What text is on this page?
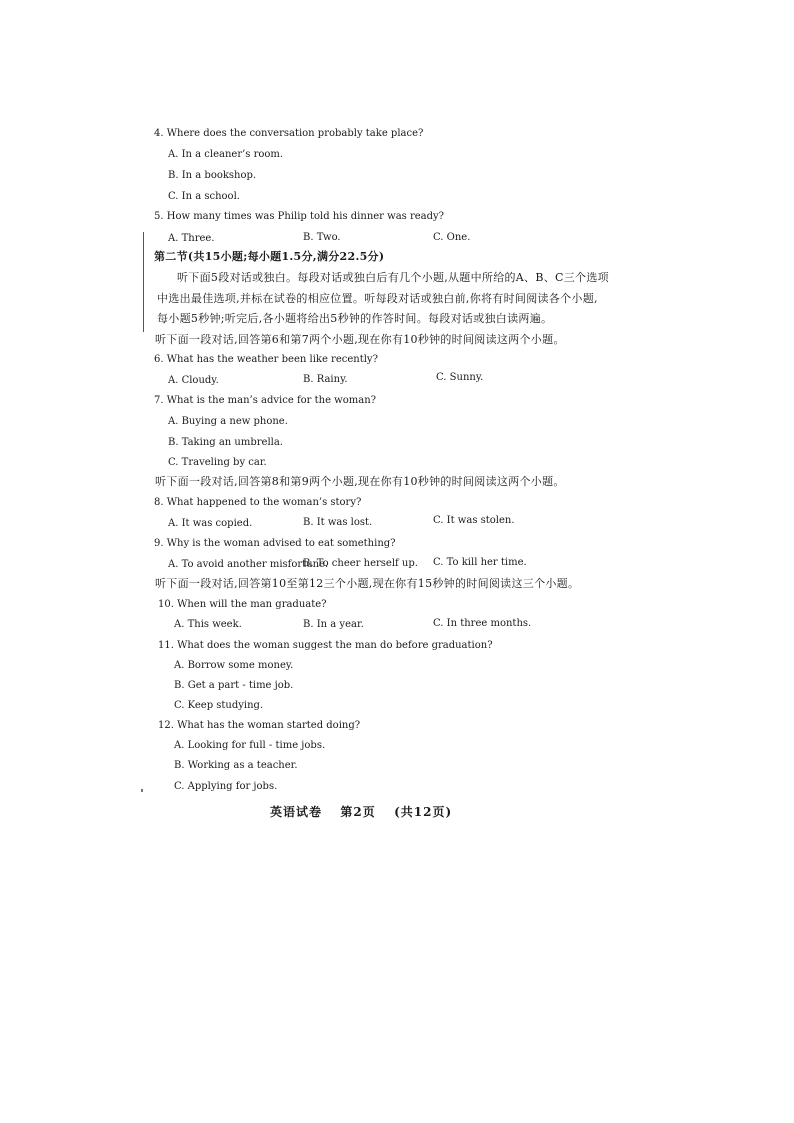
4. Where does the conversation probably take place?
A. In a cleaner’s room.
B. In a bookshop.
C. In a school.
5. How many times was Philip told his dinner was ready?
A. Three.	B. Two.	C. One.
第二节(共15小题;每小题1.5分,满分22.5分)
听下面5段对话或独白。每段对话或独白后有几个小题,从题中所给的A、B、C三个选项
中选出最佳选项,并标在试卷的相应位置。听每段对话或独白前,你将有时间阅读各个小题,
每小题5秒钟;听完后,各小题将给出5秒钟的作答时间。每段对话或独白读两遍。
听下面一段对话,回答第6和第7两个小题,现在你有10秒钟的时间阅读这两个小题。
6. What has the weather been like recently?
A. Cloudy.	B. Rainy.	C. Sunny.
7. What is the man’s advice for the woman?
A. Buying a new phone.
B. Taking an umbrella.
C. Traveling by car.
听下面一段对话,回答第8和第9两个小题,现在你有10秒钟的时间阅读这两个小题。
8. What happened to the woman’s story?
A. It was copied.	B. It was lost.	C. It was stolen.
9. Why is the woman advised to eat something?
A. To avoid another misfortune.
B. To cheer herself up. C. To kill her time.
听下面一段对话,回答第10至第12三个小题,现在你有15秒钟的时间阅读这三个小题。
10. When will the man graduate?
A. This week.	B. In a year.	C. In three months.
11. What does the woman suggest the man do before graduation?
A. Borrow some money.
B. Get a part - time job.
C. Keep studying.
12. What has the woman started doing?
A. Looking for full - time jobs.
B. Working as a teacher.
C. Applying for jobs.
英语试卷 第2页 (共12页)
